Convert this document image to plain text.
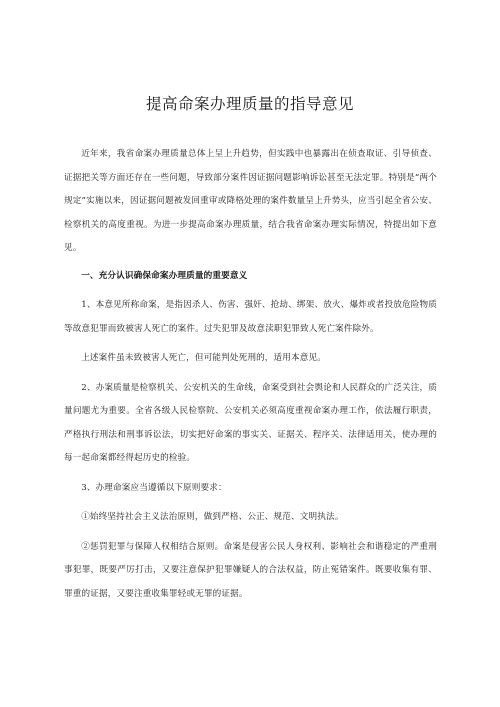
提高命案办理质量的指导意见

近年来，我省命案办理质量总体上呈上升趋势，但实践中也暴露出在侦查取证、引导侦查、证据把关等方面还存在一些问题，导致部分案件因证据问题影响诉讼甚至无法定罪。特别是“两个规定”实施以来，因证据问题被发回重审或降格处理的案件数量呈上升势头，应当引起全省公安、检察机关的高度重视。为进一步提高命案办理质量，结合我省命案办理实际情况，特提出如下意见。

一、充分认识确保命案办理质量的重要意义

1、本意见所称命案，是指因杀人、伤害、强奸、抢劫、绑架、放火、爆炸或者投放危险物质等故意犯罪而致被害人死亡的案件。过失犯罪及故意渎职犯罪致人死亡案件除外。

上述案件虽未致被害人死亡，但可能判处死刑的，适用本意见。

2、办案质量是检察机关、公安机关的生命线，命案受到社会舆论和人民群众的广泛关注，质量问题尤为重要。全省各级人民检察院、公安机关必须高度重视命案办理工作，依法履行职责，严格执行刑法和刑事诉讼法，切实把好命案的事实关、证据关、程序关、法律适用关，使办理的每一起命案都经得起历史的检验。

3、办理命案应当遵循以下原则要求：

①始终坚持社会主义法治原则，做到严格、公正、规范、文明执法。

②惩罚犯罪与保障人权相结合原则。命案是侵害公民人身权利、影响社会和谐稳定的严重刑事犯罪，既要严厉打击，又要注意保护犯罪嫌疑人的合法权益，防止冤错案件。既要收集有罪、罪重的证据，又要注重收集罪轻或无罪的证据。
